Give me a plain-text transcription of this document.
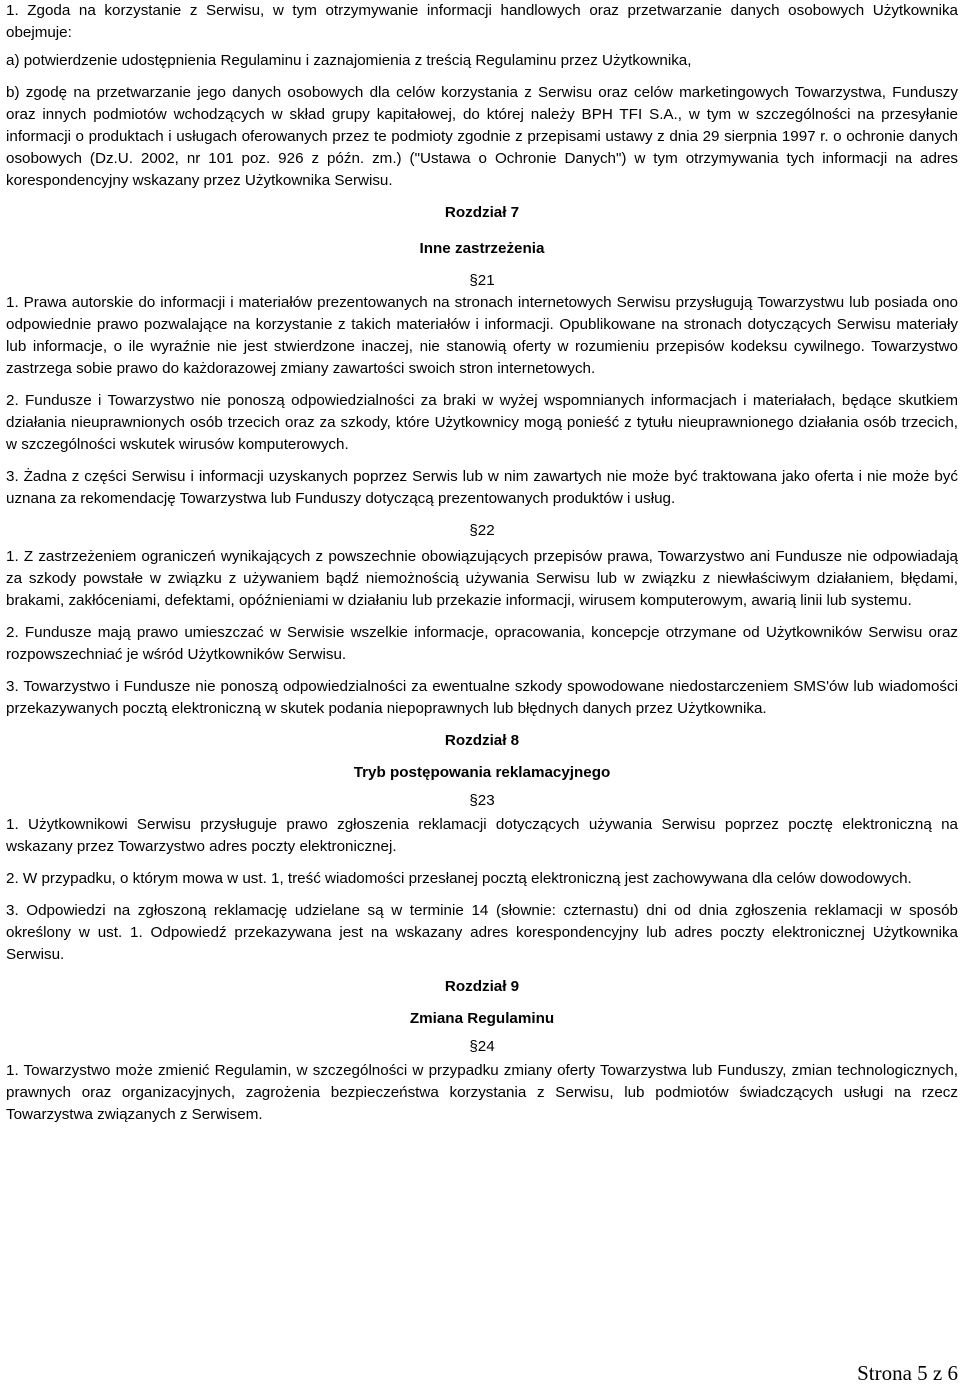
1. Zgoda na korzystanie z Serwisu, w tym otrzymywanie informacji handlowych oraz przetwarzanie danych osobowych Użytkownika obejmuje:

a) potwierdzenie udostępnienia Regulaminu i zaznajomienia z treścią Regulaminu przez Użytkownika,

b) zgodę na przetwarzanie jego danych osobowych dla celów korzystania z Serwisu oraz celów marketingowych Towarzystwa, Funduszy oraz innych podmiotów wchodzących w skład grupy kapitałowej, do której należy BPH TFI S.A., w tym w szczególności na przesyłanie informacji o produktach i usługach oferowanych przez te podmioty zgodnie z przepisami ustawy z dnia 29 sierpnia 1997 r. o ochronie danych osobowych (Dz.U. 2002, nr 101 poz. 926 z późn. zm.) ("Ustawa o Ochronie Danych") w tym otrzymywania tych informacji na adres korespondencyjny wskazany przez Użytkownika Serwisu.

Rozdział 7

Inne zastrzeżenia

§21

1. Prawa autorskie do informacji i materiałów prezentowanych na stronach internetowych Serwisu przysługują Towarzystwu lub posiada ono odpowiednie prawo pozwalające na korzystanie z takich materiałów i informacji. Opublikowane na stronach dotyczących Serwisu materiały lub informacje, o ile wyraźnie nie jest stwierdzone inaczej, nie stanowią oferty w rozumieniu przepisów kodeksu cywilnego. Towarzystwo zastrzega sobie prawo do każdorazowej zmiany zawartości swoich stron internetowych.

2. Fundusze i Towarzystwo nie ponoszą odpowiedzialności za braki w wyżej wspomnianych informacjach i materiałach, będące skutkiem działania nieuprawnionych osób trzecich oraz za szkody, które Użytkownicy mogą ponieść z tytułu nieuprawnionego działania osób trzecich, w szczególności wskutek wirusów komputerowych.

3. Żadna z części Serwisu i informacji uzyskanych poprzez Serwis lub w nim zawartych nie może być traktowana jako oferta i nie może być uznana za rekomendację Towarzystwa lub Funduszy dotyczącą prezentowanych produktów i usług.

§22

1. Z zastrzeżeniem ograniczeń wynikających z powszechnie obowiązujących przepisów prawa, Towarzystwo ani Fundusze nie odpowiadają za szkody powstałe w związku z używaniem bądź niemożnością używania Serwisu lub w związku z niewłaściwym działaniem, błędami, brakami, zakłóceniami, defektami, opóźnieniami w działaniu lub przekazie informacji, wirusem komputerowym, awarią linii lub systemu.

2. Fundusze mają prawo umieszczać w Serwisie wszelkie informacje, opracowania, koncepcje otrzymane od Użytkowników Serwisu oraz rozpowszechniać je wśród Użytkowników Serwisu.

3. Towarzystwo i Fundusze nie ponoszą odpowiedzialności za ewentualne szkody spowodowane niedostarczeniem SMS'ów lub wiadomości przekazywanych pocztą elektroniczną w skutek podania niepoprawnych lub błędnych danych przez Użytkownika.

Rozdział 8

Tryb postępowania reklamacyjnego

§23

1. Użytkownikowi Serwisu przysługuje prawo zgłoszenia reklamacji dotyczących używania Serwisu poprzez pocztę elektroniczną na wskazany przez Towarzystwo adres poczty elektronicznej.

2. W przypadku, o którym mowa w ust. 1, treść wiadomości przesłanej pocztą elektroniczną jest zachowywana dla celów dowodowych.

3. Odpowiedzi na zgłoszoną reklamację udzielane są w terminie 14 (słownie: czternastu) dni od dnia zgłoszenia reklamacji w sposób określony w ust. 1. Odpowiedź przekazywana jest na wskazany adres korespondencyjny lub adres poczty elektronicznej Użytkownika Serwisu.

Rozdział 9

Zmiana Regulaminu

§24

1. Towarzystwo może zmienić Regulamin, w szczególności w przypadku zmiany oferty Towarzystwa lub Funduszy, zmian technologicznych, prawnych oraz organizacyjnych, zagrożenia bezpieczeństwa korzystania z Serwisu, lub podmiotów świadczących usługi na rzecz Towarzystwa związanych z Serwisem.

Strona 5 z 6
